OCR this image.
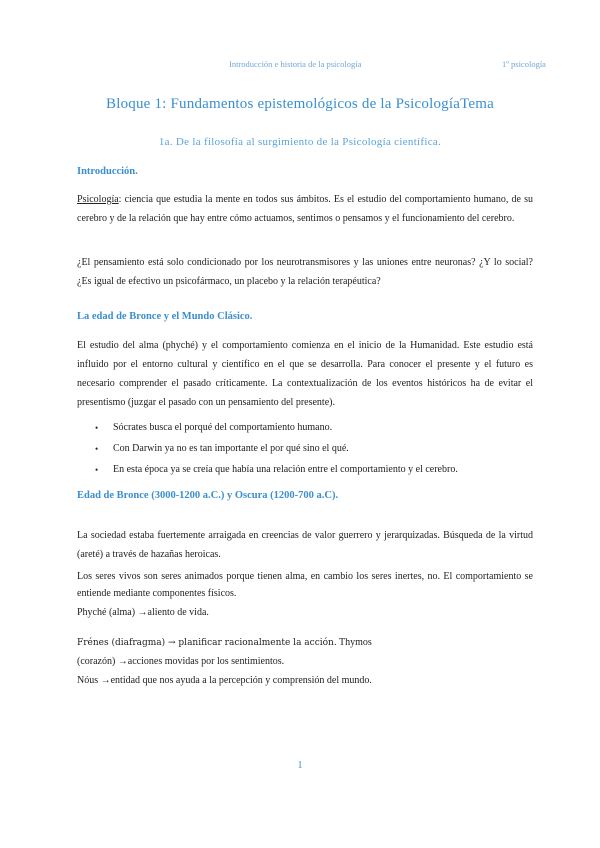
Introducción e historia de la psicología	1º psicología
Bloque 1: Fundamentos epistemológicos de la PsicologíaTema
1a. De la filosofía al surgimiento de la Psicología científica.
Introducción.
Psicología: ciencia que estudia la mente en todos sus ámbitos. Es el estudio del comportamiento humano, de su cerebro y de la relación que hay entre cómo actuamos, sentimos o pensamos y el funcionamiento del cerebro.
¿El pensamiento está solo condicionado por los neurotransmisores y las uniones entre neuronas? ¿Y lo social? ¿Es igual de efectivo un psicofármaco, un placebo y la relación terapéutica?
La edad de Bronce y el Mundo Clásico.
El estudio del alma (phyché) y el comportamiento comienza en el inicio de la Humanidad. Este estudio está influido por el entorno cultural y científico en el que se desarrolla. Para conocer el presente y el futuro es necesario comprender el pasado críticamente. La contextualización de los eventos históricos ha de evitar el presentismo (juzgar el pasado con un pensamiento del presente).
• Sócrates busca el porqué del comportamiento humano.
• Con Darwin ya no es tan importante el por qué sino el qué.
• En esta época ya se creía que había una relación entre el comportamiento y el cerebro.
Edad de Bronce (3000-1200 a.C.) y Oscura (1200-700 a.C).
La sociedad estaba fuertemente arraigada en creencias de valor guerrero y jerarquizadas. Búsqueda de la virtud (areté) a través de hazañas heroicas.
Los seres vivos son seres animados porque tienen alma, en cambio los seres inertes, no. El comportamiento se entiende mediante componentes físicos.
Phyché (alma) →aliento de vida.
Frénes (diafragma) → planificar racionalmente la acción. Thymos
(corazón) →acciones movidas por los sentimientos.
Nóus →entidad que nos ayuda a la percepción y comprensión del mundo.
1
